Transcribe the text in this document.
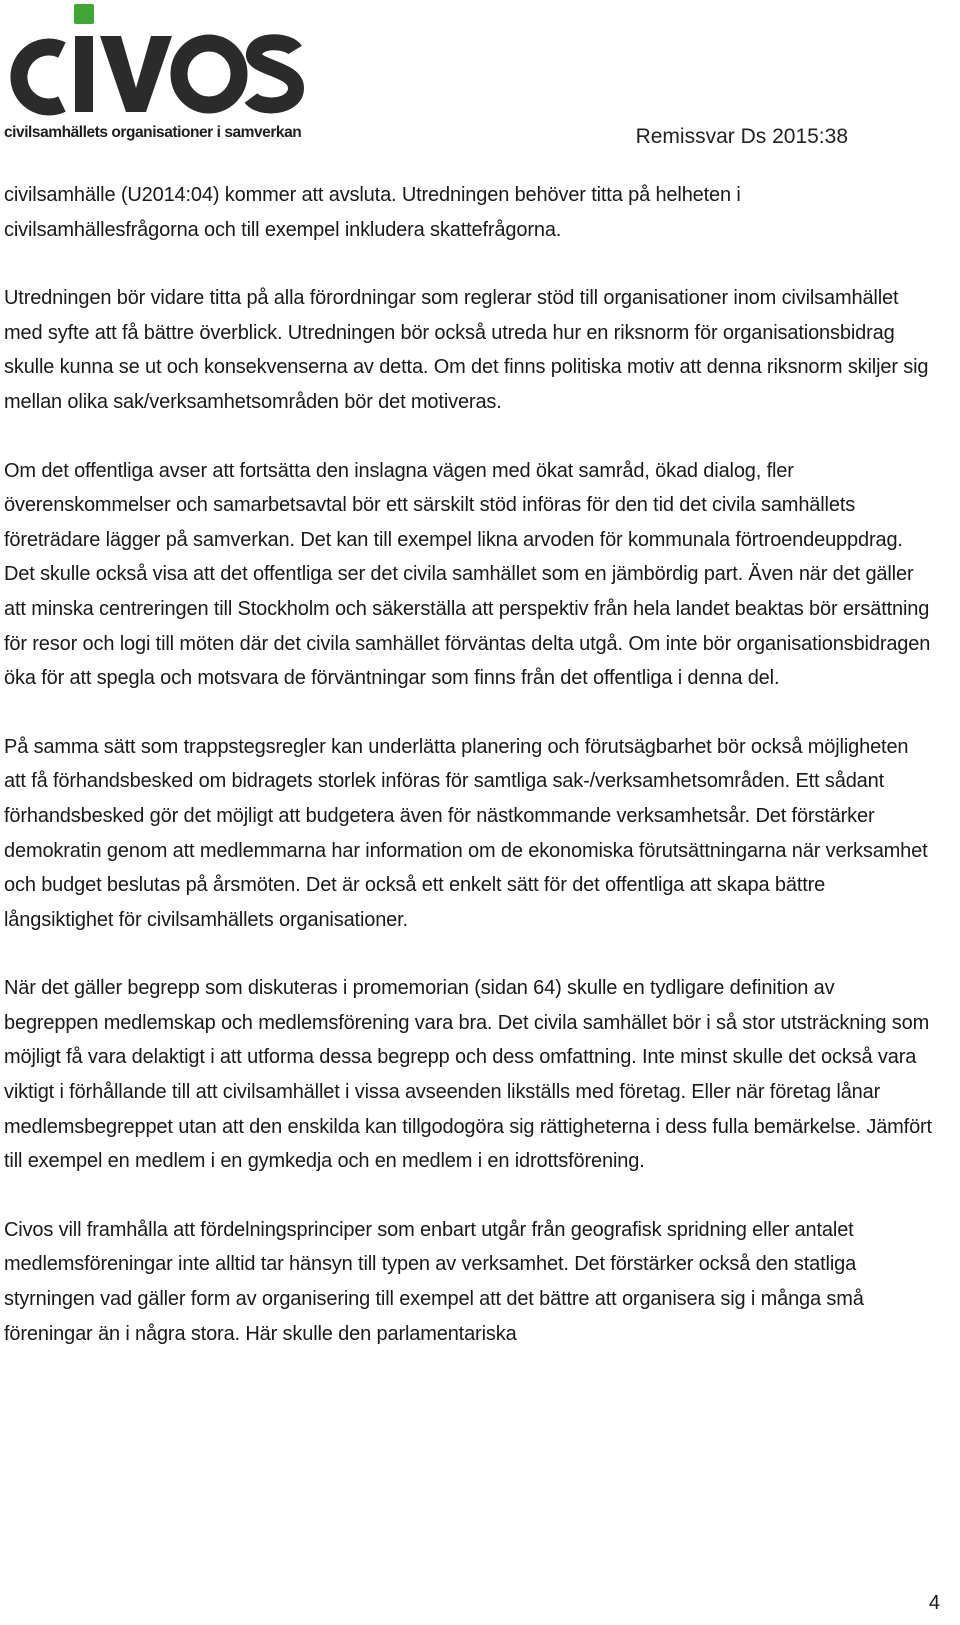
civilsamhällets organisationer i samverkan	Remissvar Ds 2015:38

civilsamhälle (U2014:04) kommer att avsluta. Utredningen behöver titta på helheten i civilsamhällesfrågorna och till exempel inkludera skattefrågorna.

Utredningen bör vidare titta på alla förordningar som reglerar stöd till organisationer inom civilsamhället med syfte att få bättre överblick. Utredningen bör också utreda hur en riksnorm för organisationsbidrag skulle kunna se ut och konsekvenserna av detta. Om det finns politiska motiv att denna riksnorm skiljer sig mellan olika sak/verksamhetsområden bör det motiveras.

Om det offentliga avser att fortsätta den inslagna vägen med ökat samråd, ökad dialog, fler överenskommelser och samarbetsavtal bör ett särskilt stöd införas för den tid det civila samhällets företrädare lägger på samverkan. Det kan till exempel likna arvoden för kommunala förtroendeuppdrag. Det skulle också visa att det offentliga ser det civila samhället som en jämbördig part. Även när det gäller att minska centreringen till Stockholm och säkerställa att perspektiv från hela landet beaktas bör ersättning för resor och logi till möten där det civila samhället förväntas delta utgå. Om inte bör organisationsbidragen öka för att spegla och motsvara de förväntningar som finns från det offentliga i denna del.

På samma sätt som trappstegsregler kan underlätta planering och förutsägbarhet bör också möjligheten att få förhandsbesked om bidragets storlek införas för samtliga sak-/verksamhetsområden. Ett sådant förhandsbesked gör det möjligt att budgetera även för nästkommande verksamhetsår. Det förstärker demokratin genom att medlemmarna har information om de ekonomiska förutsättningarna när verksamhet och budget beslutas på årsmöten. Det är också ett enkelt sätt för det offentliga att skapa bättre långsiktighet för civilsamhällets organisationer.

När det gäller begrepp som diskuteras i promemorian (sidan 64) skulle en tydligare definition av begreppen medlemskap och medlemsförening vara bra. Det civila samhället bör i så stor utsträckning som möjligt få vara delaktigt i att utforma dessa begrepp och dess omfattning. Inte minst skulle det också vara viktigt i förhållande till att civilsamhället i vissa avseenden likställs med företag. Eller när företag lånar medlemsbegreppet utan att den enskilda kan tillgodogöra sig rättigheterna i dess fulla bemärkelse. Jämfört till exempel en medlem i en gymkedja och en medlem i en idrottsförening.

Civos vill framhålla att fördelningsprinciper som enbart utgår från geografisk spridning eller antalet medlemsföreningar inte alltid tar hänsyn till typen av verksamhet. Det förstärker också den statliga styrningen vad gäller form av organisering till exempel att det bättre att organisera sig i många små föreningar än i några stora. Här skulle den parlamentariska

4
